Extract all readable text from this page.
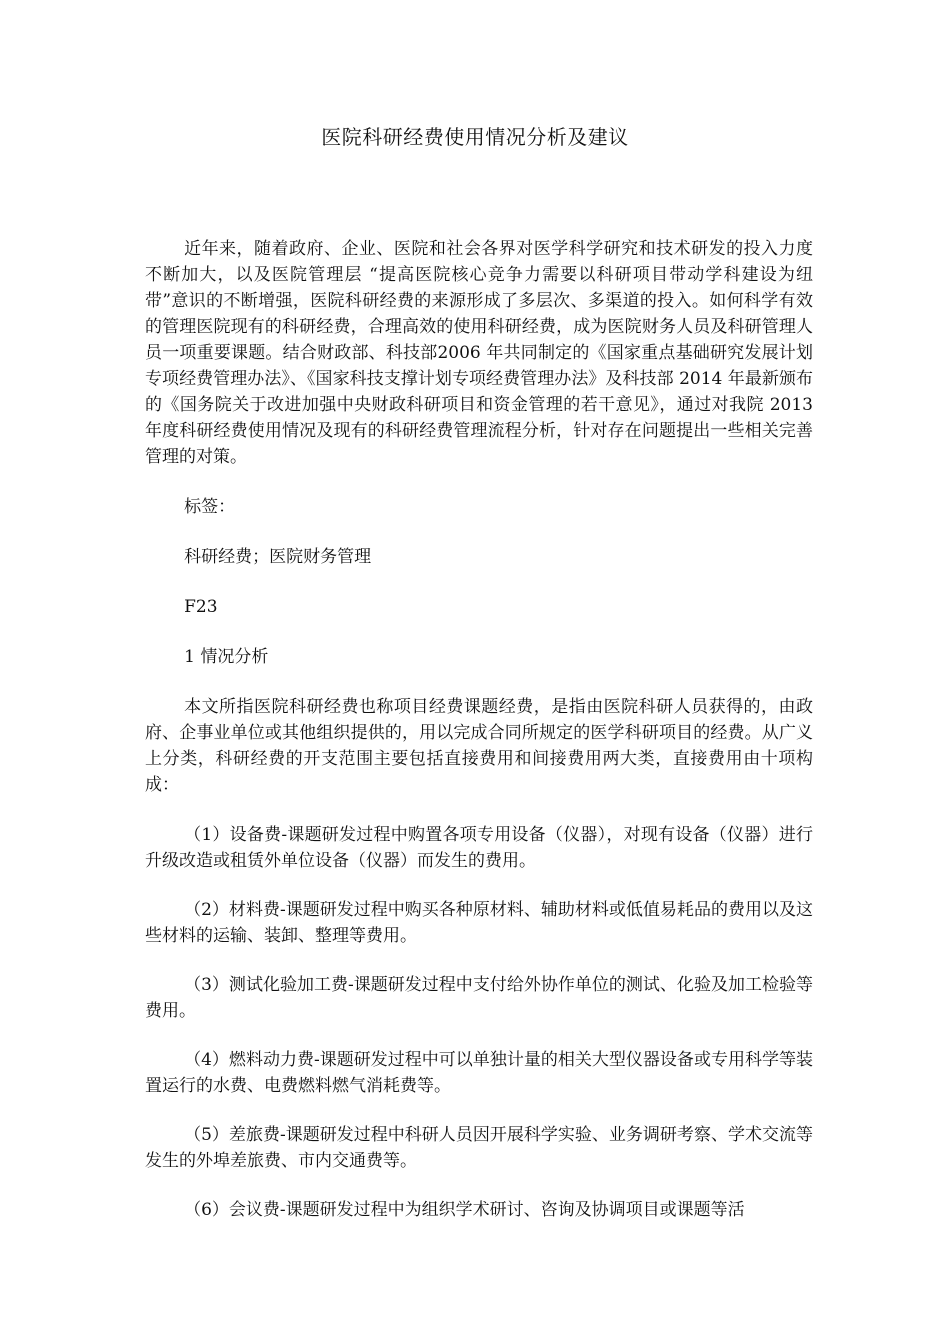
医院科研经费使用情况分析及建议

近年来，随着政府、企业、医院和社会各界对医学科学研究和技术研发的投入力度不断加大，以及医院管理层 “提高医院核心竞争力需要以科研项目带动学科建设为纽带”意识的不断增强，医院科研经费的来源形成了多层次、多渠道的投入。如何科学有效的管理医院现有的科研经费，合理高效的使用科研经费，成为医院财务人员及科研管理人员一项重要课题。结合财政部、科技部2006 年共同制定的《国家重点基础研究发展计划专项经费管理办法》、《国家科技支撑计划专项经费管理办法》及科技部 2014 年最新颁布的《国务院关于改进加强中央财政科研项目和资金管理的若干意见》，通过对我院 2013 年度科研经费使用情况及现有的科研经费管理流程分析，针对存在问题提出一些相关完善管理的对策。

标签：

科研经费；医院财务管理

F23

1 情况分析

本文所指医院科研经费也称项目经费课题经费，是指由医院科研人员获得的，由政府、企事业单位或其他组织提供的，用以完成合同所规定的医学科研项目的经费。从广义上分类，科研经费的开支范围主要包括直接费用和间接费用两大类，直接费用由十项构成：

（1）设备费-课题研发过程中购置各项专用设备（仪器），对现有设备（仪器）进行升级改造或租赁外单位设备（仪器）而发生的费用。

（2）材料费-课题研发过程中购买各种原材料、辅助材料或低值易耗品的费用以及这些材料的运输、装卸、整理等费用。

（3）测试化验加工费-课题研发过程中支付给外协作单位的测试、化验及加工检验等费用。

（4）燃料动力费-课题研发过程中可以单独计量的相关大型仪器设备或专用科学等装置运行的水费、电费燃料燃气消耗费等。

（5）差旅费-课题研发过程中科研人员因开展科学实验、业务调研考察、学术交流等发生的外埠差旅费、市内交通费等。

（6）会议费-课题研发过程中为组织学术研讨、咨询及协调项目或课题等活
